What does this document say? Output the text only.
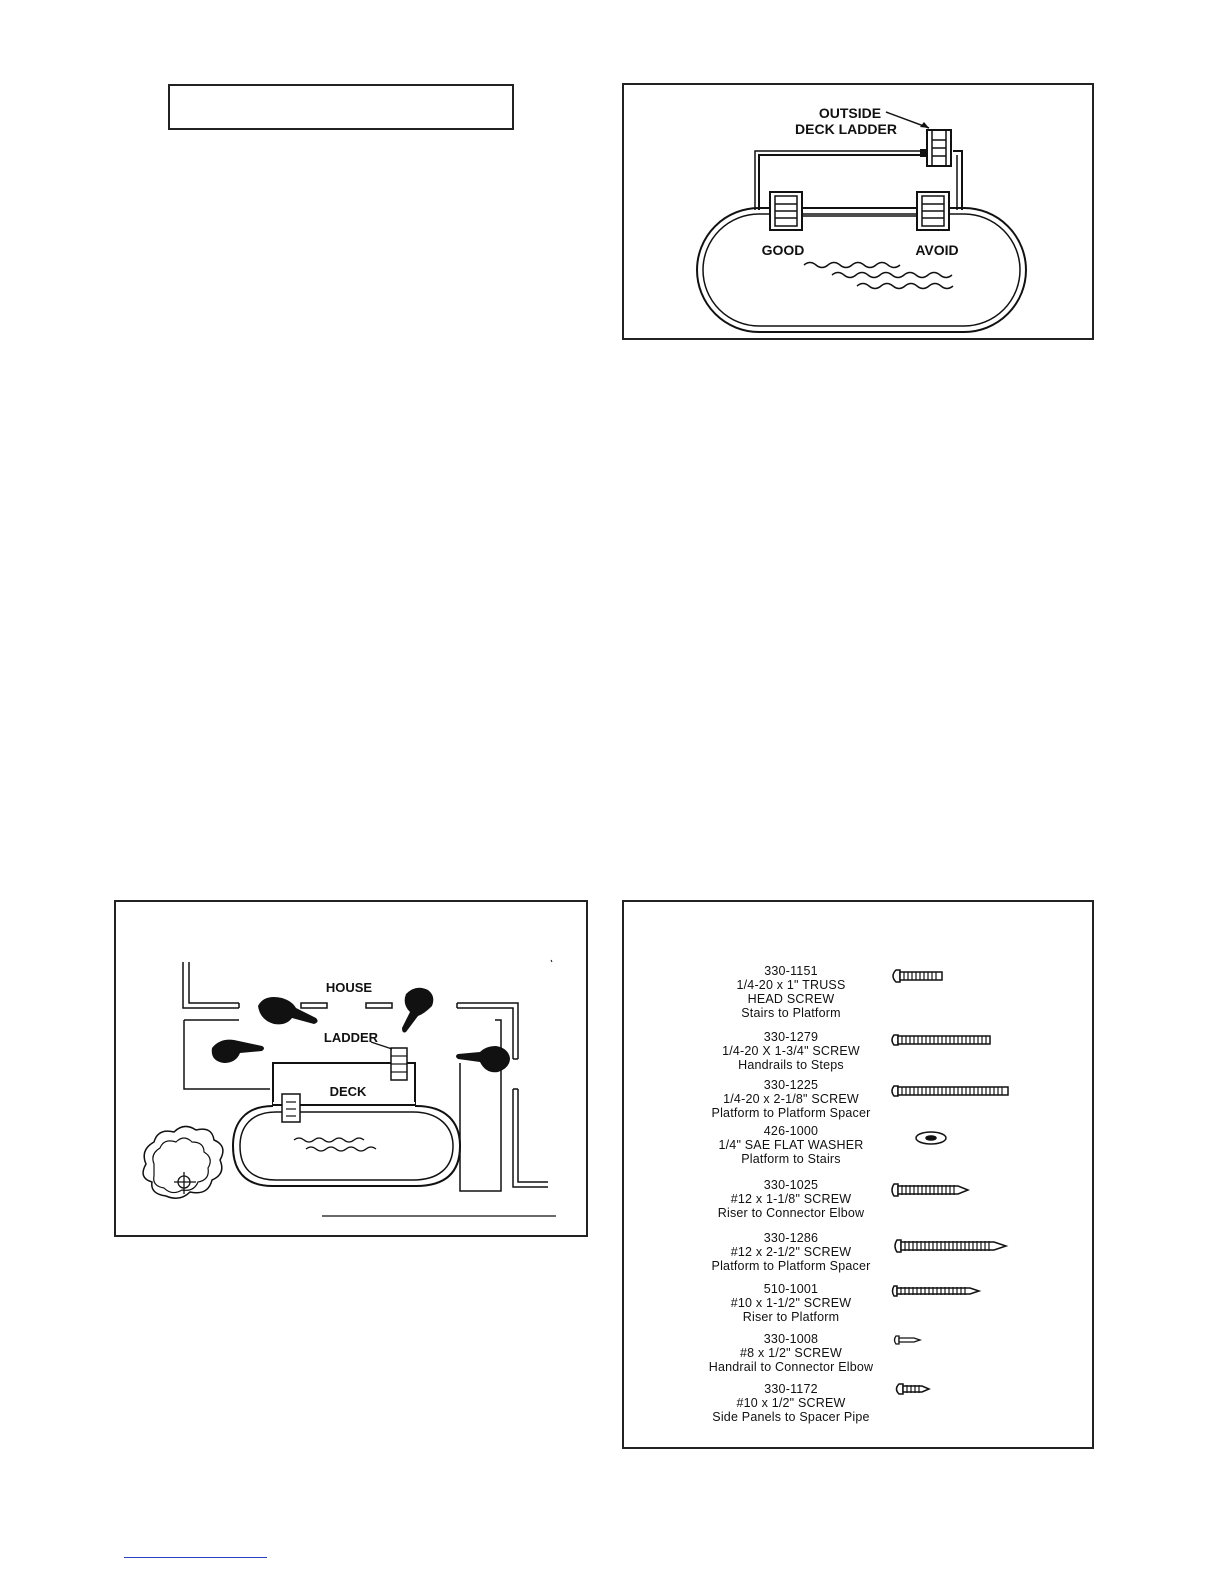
OUTSIDE
DECK LADDER
GOOD	AVOID
HOUSE
LADDER
DECK
330-1151
1/4-20 x 1" TRUSS
HEAD SCREW
Stairs to Platform
330-1279
1/4-20 X 1-3/4" SCREW
Handrails to Steps
330-1225
1/4-20 x 2-1/8" SCREW
Platform to Platform Spacer
426-1000
1/4" SAE FLAT WASHER
Platform to Stairs
330-1025
#12 x 1-1/8" SCREW
Riser to Connector Elbow
330-1286
#12 x 2-1/2" SCREW
Platform to Platform Spacer
510-1001
#10 x 1-1/2" SCREW
Riser to Platform
330-1008
#8 x 1/2" SCREW
Handrail to Connector Elbow
330-1172
#10 x 1/2" SCREW
Side Panels to Spacer Pipe
